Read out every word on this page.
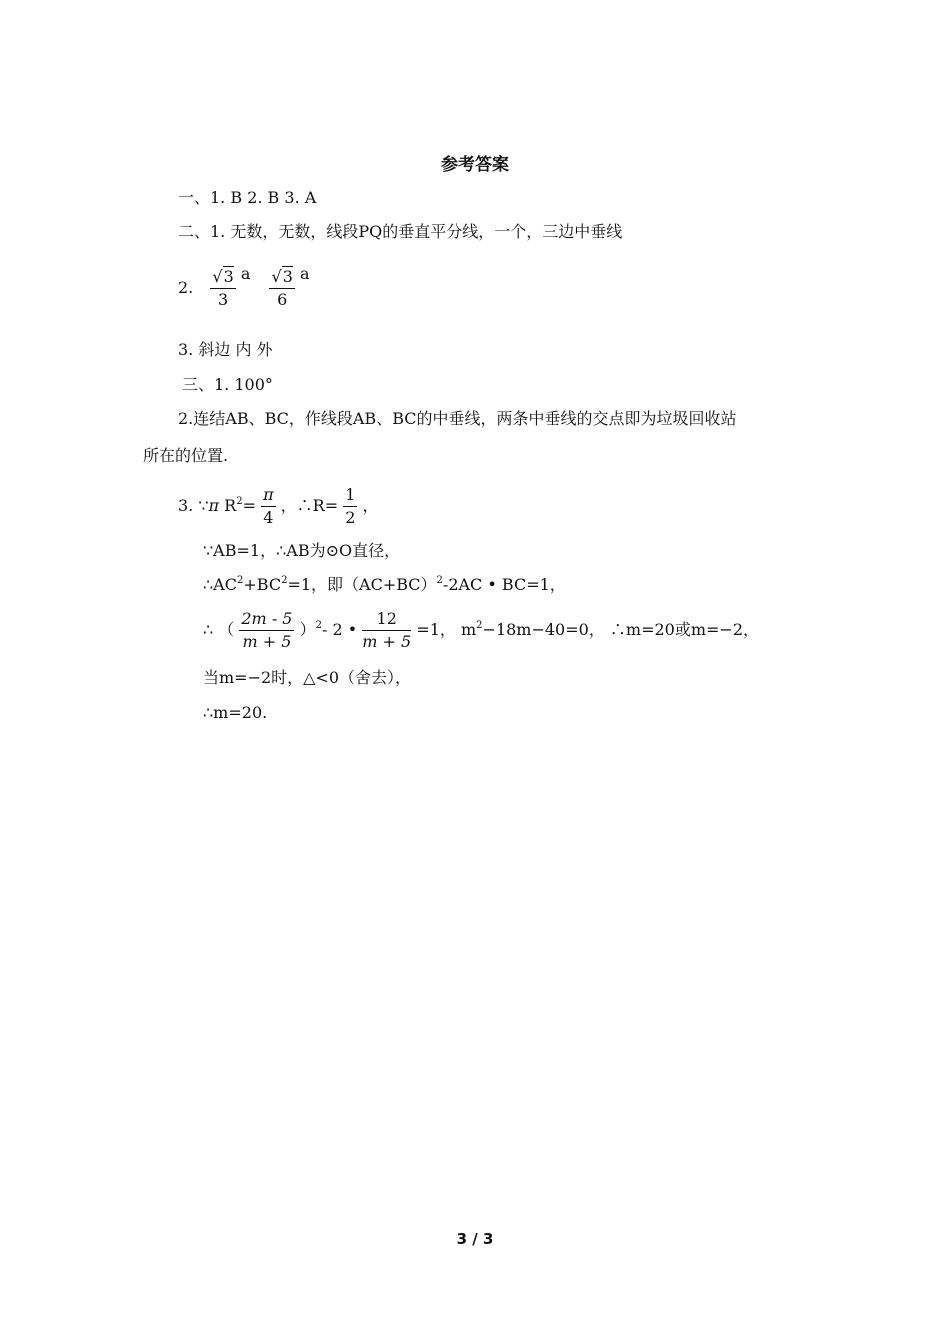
参考答案
一、1. B 2. B 3. A
二、1. 无数，无数，线段PQ的垂直平分线，一个，三边中垂线
2. $\frac{√3}{3}$ a $\frac{√3}{6}$ a
3. 斜边 内 外
三、1. 100°
2.连结AB、BC，作线段AB、BC的中垂线，两条中垂线的交点即为垃圾回收站
所在的位置.
3. ∵π $R^2= \frac{\pi}{4}$ ，∴R= $\frac{1}{2}$ ，
∵AB=1，∴AB为⊙O直径，
$\therefore AC^2+BC^2=1$，即$(AC+BC)^2-2AC$ • BC=1，
∴ （ $\frac{2m - 5}{m + 5} )^2-$ 2 • $\frac{12}{m + 5} =1$， $m^2-18m-40=0$， ∴m=20或m=−2，
当m=−2时，△<0（舍去），
∴m=20.
3 / 3
